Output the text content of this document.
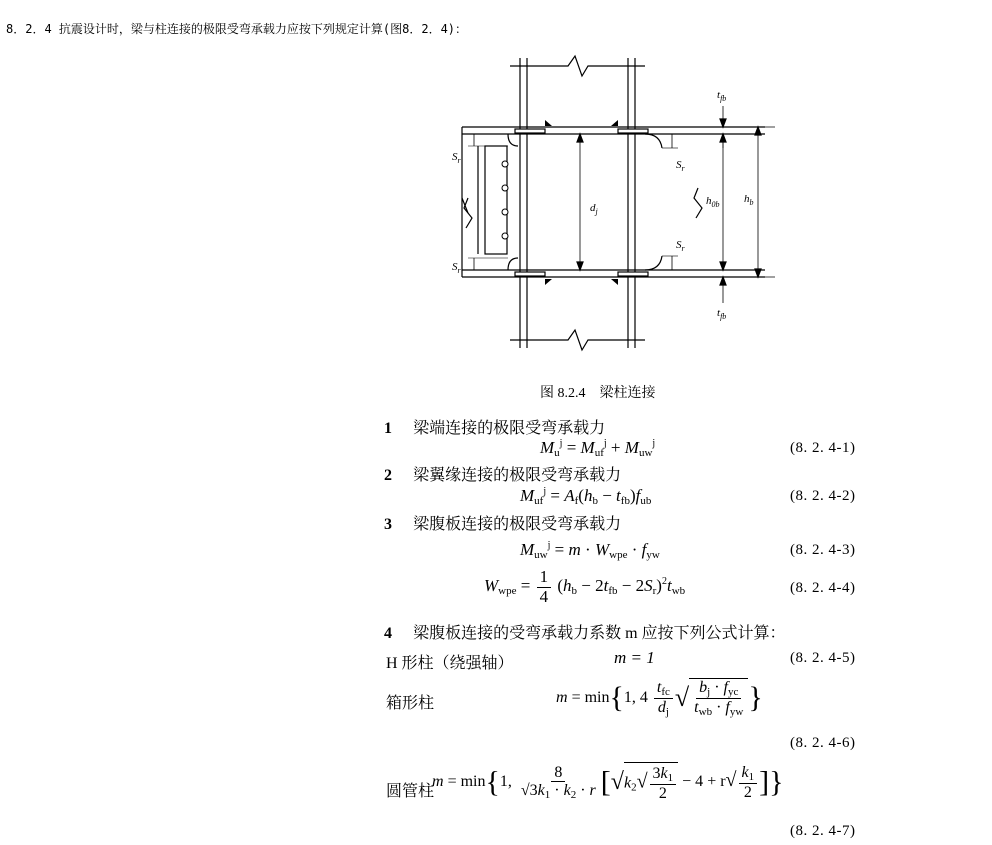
8．2．4 抗震设计时，梁与柱连接的极限受弯承载力应按下列规定计算(图8．2．4)：
$t_{fb}$
$t_{fb}$
$S_r$
$S_r$
$S_r$
$S_r$
$d_j$
$h_{0b}$ $h_b$
图 8.2.4　梁柱连接
1 梁端连接的极限受弯承载力
$M_u^j = M_{uf}^j + M_{uw}^j$	(8. 2. 4-1)
2 梁翼缘连接的极限受弯承载力
$M_{uf}^j = A_f(h_b - t_{fb})f_{ub}$	(8. 2. 4-2)
3 梁腹板连接的极限受弯承载力
$M_{uw}^j = m \cdot W_{wpe} \cdot f_{yw}$	(8. 2. 4-3)
$W_{wpe} = \frac{1}{4} (h_b - 2t_{fb} - 2S_r)^2t_{wb}$	(8. 2. 4-4)
4 梁腹板连接的受弯承载力系数 m 应按下列公式计算：
H 形柱（绕强轴）	m = 1	(8. 2. 4-5)
箱形柱	m = min{1, $4 \frac{t_{fc}}{d_j}$ √ $\frac{b_j \cdot f_{yc}}{t_{wb} \cdot f_{yw}}$ }
(8. 2. 4-6)
圆管柱
m = min{1, $\frac{8}{√3k_1 \cdot k_2 \cdot r} [√k_2√ \frac{3k_1}{2} - 4 + r√ \frac{k_1}{2}$ ]}
(8. 2. 4-7)
